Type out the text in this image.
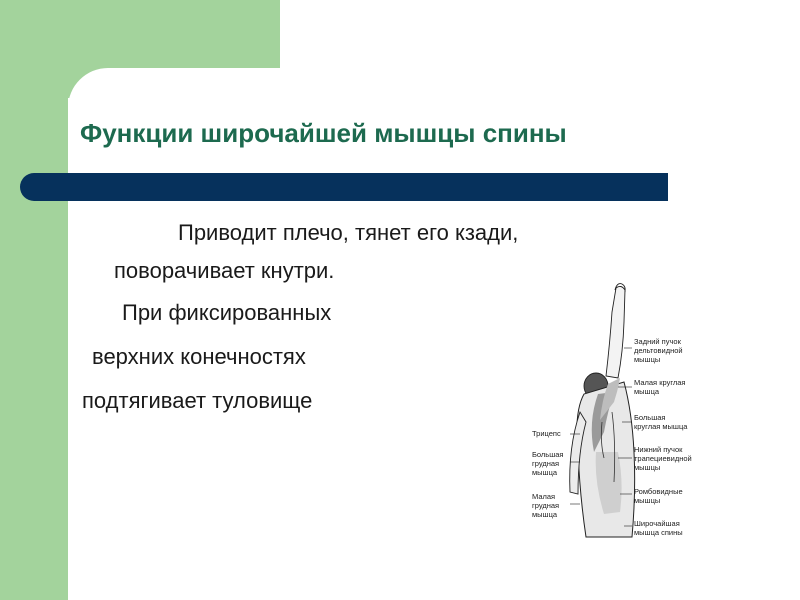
Функции широчайшей мышцы спины

Приводит плечо, тянет его кзади,

поворачивает кнутри.

При фиксированных

верхних конечностях

подтягивает туловище

Задний пучок
дельтовидной
мышцы
Малая круглая
мышца
Большая
круглая мышца
Нижний пучок
трапециевидной
мышцы
Ромбовидные
мышцы
Широчайшая
мышца спины
Трицепс
Большая
грудная
мышца
Малая
грудная
мышца
